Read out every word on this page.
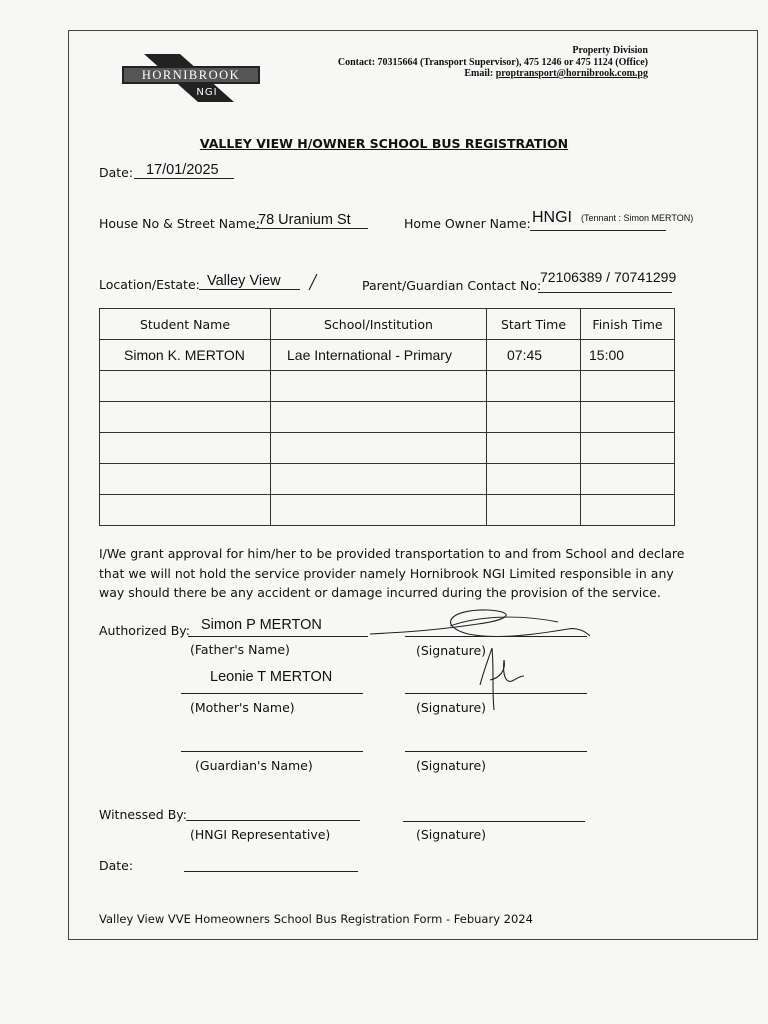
HORNIBROOK
NGI
Property Division
Contact: 70315664 (Transport Supervisor), 475 1246 or 475 1124 (Office)
Email: proptransport@hornibrook.com.pg
VALLEY VIEW H/OWNER SCHOOL BUS REGISTRATION
Date: 17/01/2025
House No & Street Name:
78 Uranium St	Home Owner Name: HNGI (Tennant : Simon MERTON)
Location/Estate: Valley View	Parent/Guardian Contact No:
72106389 / 70741299
Student Name	School/Institution	Start Time	Finish Time
Simon K. MERTON	Lae International - Primary	07:45	15:00

I/We grant approval for him/her to be provided transportation to and from School and declare that we will not hold the service provider namely Hornibrook NGI Limited responsible in any way should there be any accident or damage incurred during the provision of the service.
Authorized By: Simon P MERTON
(Father's Name)	(Signature)
Leonie T MERTON
(Mother's Name)	(Signature)
(Guardian's Name)	(Signature)
Witnessed By:
(HNGI Representative)	(Signature)
Date:
Valley View VVE Homeowners School Bus Registration Form - Febuary 2024
